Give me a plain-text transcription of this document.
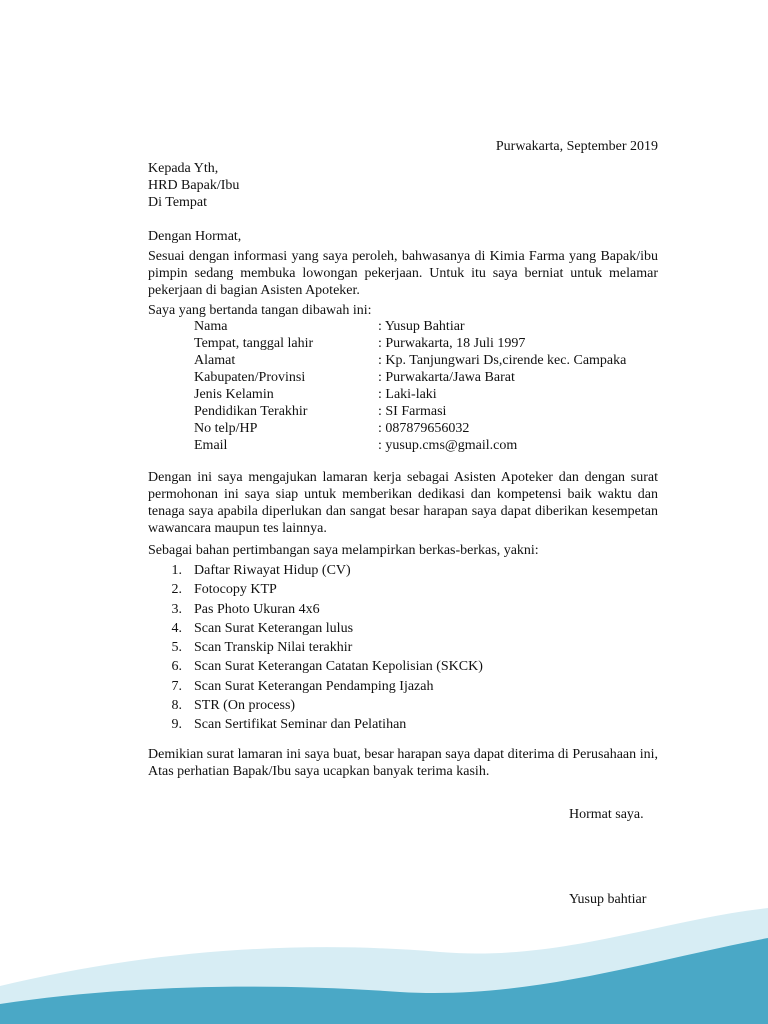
Purwakarta, September 2019
Kepada Yth,
HRD Bapak/Ibu
Di Tempat
Dengan Hormat,
Sesuai dengan informasi yang saya peroleh, bahwasanya di Kimia Farma yang Bapak/ibu pimpin sedang membuka lowongan pekerjaan. Untuk itu saya berniat untuk melamar pekerjaan di bagian Asisten Apoteker.
Saya yang bertanda tangan dibawah ini:
Nama	: Yusup Bahtiar
Tempat, tanggal lahir	: Purwakarta, 18 Juli 1997
Alamat	: Kp. Tanjungwari Ds,cirende kec. Campaka
Kabupaten/Provinsi	: Purwakarta/Jawa Barat
Jenis Kelamin	: Laki-laki
Pendidikan Terakhir	: SI Farmasi
No telp/HP	: 087879656032
Email	: yusup.cms@gmail.com
Dengan ini saya mengajukan lamaran kerja sebagai Asisten Apoteker dan dengan surat permohonan ini saya siap untuk memberikan dedikasi dan kompetensi baik waktu dan tenaga saya apabila diperlukan dan sangat besar harapan saya dapat diberikan kesempetan wawancara maupun tes lainnya.
Sebagai bahan pertimbangan saya melampirkan berkas-berkas, yakni:
1. Daftar Riwayat Hidup (CV)
2. Fotocopy KTP
3. Pas Photo Ukuran 4x6
4. Scan Surat Keterangan lulus
5. Scan Transkip Nilai terakhir
6. Scan Surat Keterangan Catatan Kepolisian (SKCK)
7. Scan Surat Keterangan Pendamping Ijazah
8. STR (On process)
9. Scan Sertifikat Seminar dan Pelatihan
Demikian surat lamaran ini saya buat, besar harapan saya dapat diterima di Perusahaan ini, Atas perhatian Bapak/Ibu saya ucapkan banyak terima kasih.
Hormat saya.
Yusup bahtiar
